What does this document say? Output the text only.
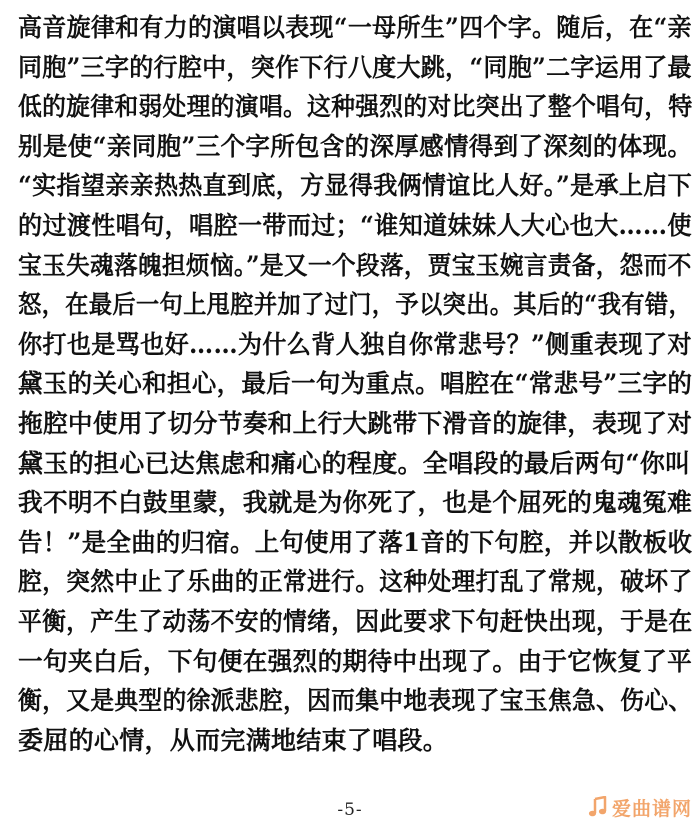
高音旋律和有力的演唱以表现“一母所生”四个字。随后，在“亲
同胞”三字的行腔中，突作下行八度大跳，“同胞”二字运用了最
低的旋律和弱处理的演唱。这种强烈的对比突出了整个唱句，特
别是使“亲同胞”三个字所包含的深厚感情得到了深刻的体现。
“实指望亲亲热热直到底，方显得我俩情谊比人好。”是承上启下
的过渡性唱句，唱腔一带而过；“谁知道妹妹人大心也大……使
宝玉失魂落魄担烦恼。”是又一个段落，贾宝玉婉言责备，怨而不
怒，在最后一句上甩腔并加了过门，予以突出。其后的“我有错，
你打也是骂也好……为什么背人独自你常悲号？”侧重表现了对
黛玉的关心和担心，最后一句为重点。唱腔在“常悲号”三字的
拖腔中使用了切分节奏和上行大跳带下滑音的旋律，表现了对
黛玉的担心已达焦虑和痛心的程度。全唱段的最后两句“你叫
我不明不白鼓里蒙，我就是为你死了，也是个屈死的鬼魂冤难
告！”是全曲的归宿。上句使用了落1音的下句腔，并以散板收
腔，突然中止了乐曲的正常进行。这种处理打乱了常规，破坏了
平衡，产生了动荡不安的情绪，因此要求下句赶快出现，于是在
一句夹白后，下句便在强烈的期待中出现了。由于它恢复了平
衡，又是典型的徐派悲腔，因而集中地表现了宝玉焦急、伤心、
委屈的心情，从而完满地结束了唱段。
-5-	爱曲谱网
